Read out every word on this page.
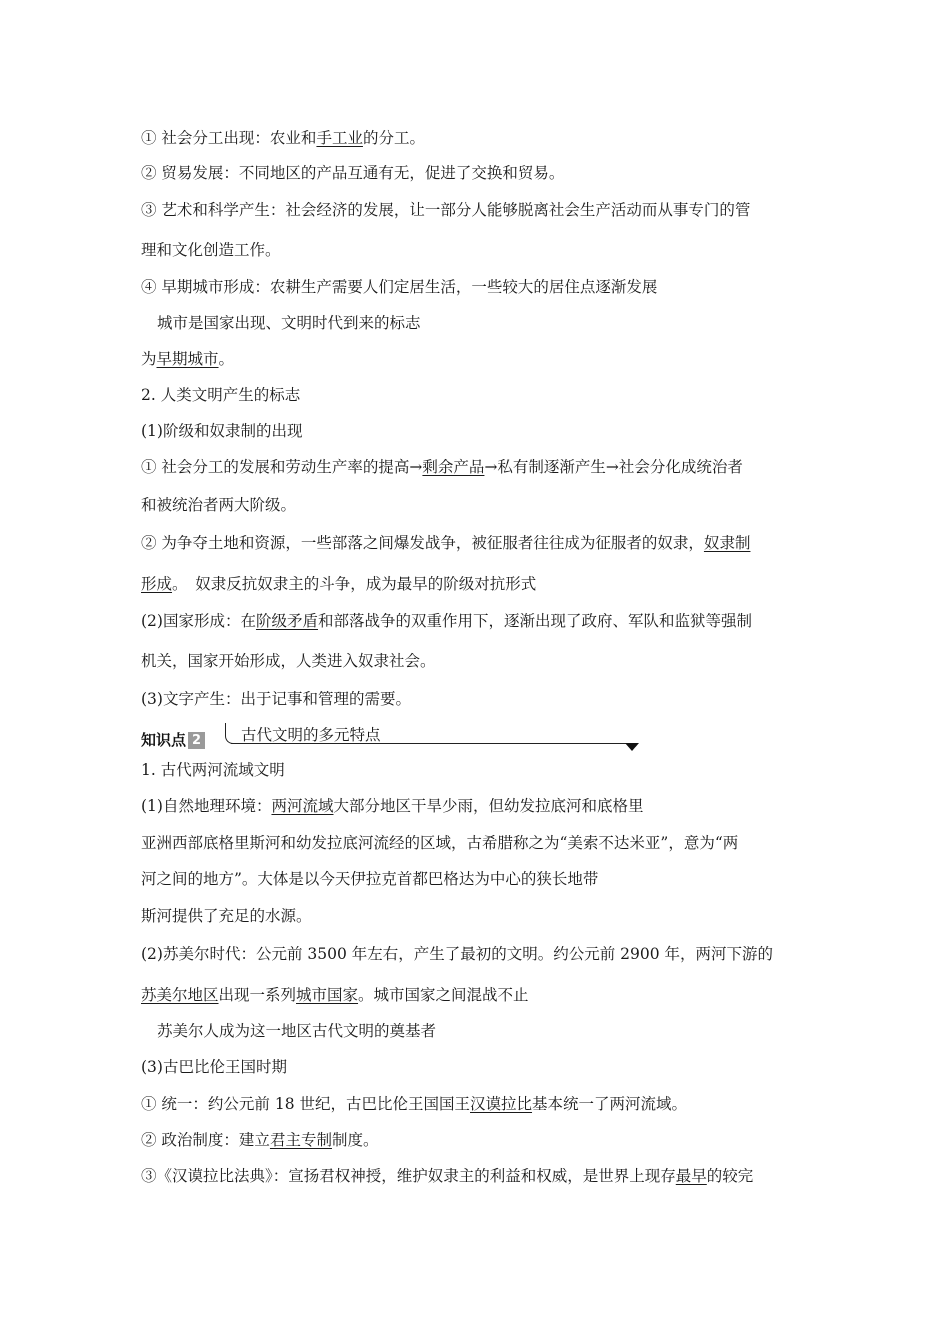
① 社会分工出现：农业和手工业的分工。
② 贸易发展：不同地区的产品互通有无，促进了交换和贸易。
③ 艺术和科学产生：社会经济的发展，让一部分人能够脱离社会生产活动而从事专门的管
理和文化创造工作。
④ 早期城市形成：农耕生产需要人们定居生活，一些较大的居住点逐渐发展
城市是国家出现、文明时代到来的标志
为早期城市。
2. 人类文明产生的标志
(1)阶级和奴隶制的出现
① 社会分工的发展和劳动生产率的提高→剩余产品→私有制逐渐产生→社会分化成统治者
和被统治者两大阶级。
② 为争夺土地和资源，一些部落之间爆发战争，被征服者往往成为征服者的奴隶，奴隶制
形成。　奴隶反抗奴隶主的斗争，成为最早的阶级对抗形式
(2)国家形成：在阶级矛盾和部落战争的双重作用下，逐渐出现了政府、军队和监狱等强制
机关，国家开始形成，人类进入奴隶社会。
(3)文字产生：出于记事和管理的需要。
1. 古代两河流域文明
(1)自然地理环境：两河流域大部分地区干旱少雨，但幼发拉底河和底格里
亚洲西部底格里斯河和幼发拉底河流经的区域，古希腊称之为“美索不达米亚”，意为“两
河之间的地方”。大体是以今天伊拉克首都巴格达为中心的狭长地带
斯河提供了充足的水源。
(2)苏美尔时代：公元前 3500 年左右，产生了最初的文明。约公元前 2900 年，两河下游的
苏美尔地区出现一系列城市国家。城市国家之间混战不止
苏美尔人成为这一地区古代文明的奠基者
(3)古巴比伦王国时期
① 统一：约公元前 18 世纪，古巴比伦王国国王汉谟拉比基本统一了两河流域。
② 政治制度：建立君主专制制度。
③《汉谟拉比法典》：宣扬君权神授，维护奴隶主的利益和权威，是世界上现存最早的较完
知识点 2	古代文明的多元特点
